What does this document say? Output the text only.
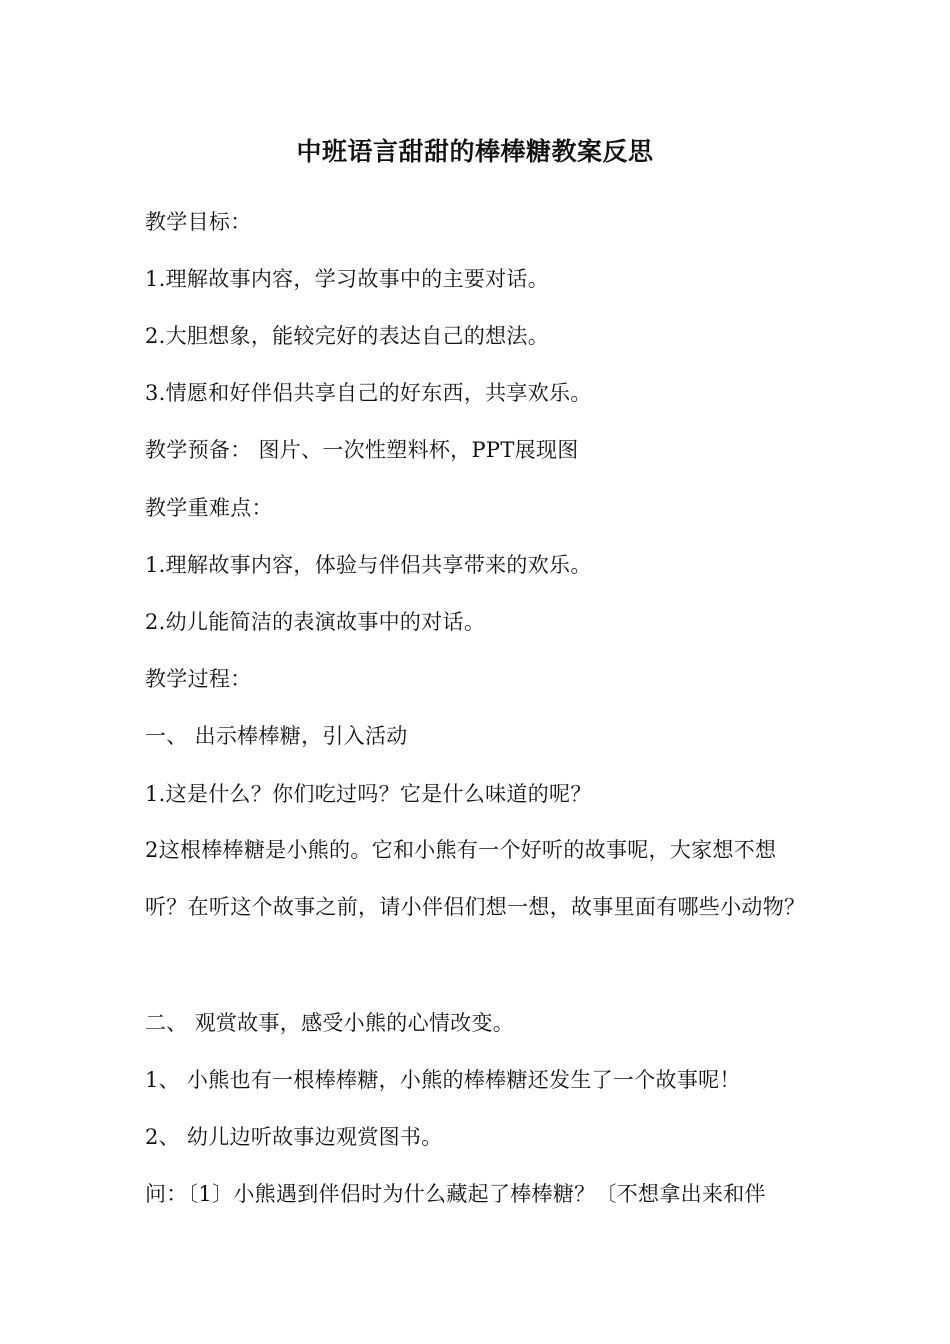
中班语言甜甜的棒棒糖教案反思
教学目标：
1.理解故事内容，学习故事中的主要对话。
2.大胆想象，能较完好的表达自己的想法。
3.情愿和好伴侣共享自己的好东西，共享欢乐。
教学预备： 图片、一次性塑料杯，PPT展现图
教学重难点：
1.理解故事内容，体验与伴侣共享带来的欢乐。
2.幼儿能简洁的表演故事中的对话。
教学过程：
一、 出示棒棒糖，引入活动
1.这是什么？你们吃过吗？它是什么味道的呢？
2这根棒棒糖是小熊的。它和小熊有一个好听的故事呢，大家想不想听？在听这个故事之前，请小伴侣们想一想，故事里面有哪些小动物？
二、 观赏故事，感受小熊的心情改变。
1、 小熊也有一根棒棒糖，小熊的棒棒糖还发生了一个故事呢！
2、 幼儿边听故事边观赏图书。
问：〔1〕小熊遇到伴侣时为什么藏起了棒棒糖？〔不想拿出来和伴
